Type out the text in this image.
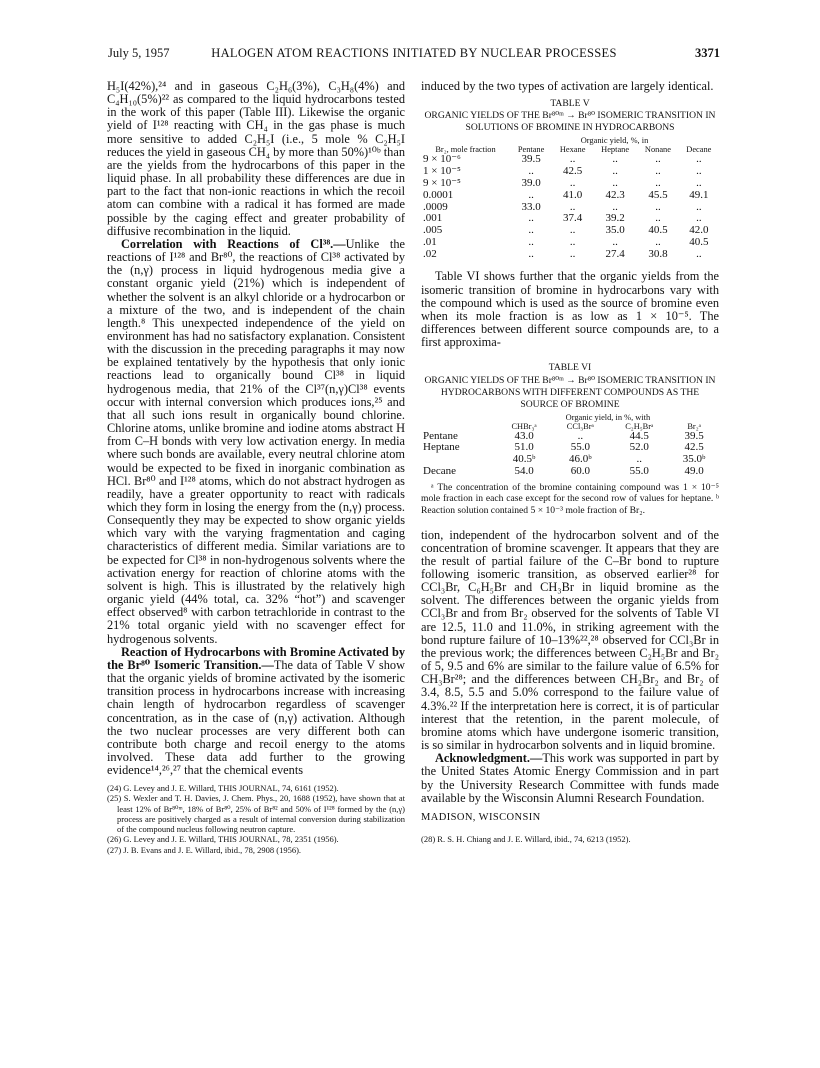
July 5, 1957	HALOGEN ATOM REACTIONS INITIATED BY NUCLEAR PROCESSES	3371

H₅I(42%),²⁴ and in gaseous C₂H₆(3%), C₃H₈(4%) and C₄H₁₀(5%)²² as compared to the liquid hydrocarbons tested in the work of this paper (Table III). Likewise the organic yield of I¹²⁸ reacting with CH₄ in the gas phase is much more sensitive to added C₂H₅I (i.e., 5 mole % C₂H₅I reduces the yield in gaseous CH₄ by more than 50%)¹⁰ᵇ than are the yields from the hydrocarbons of this paper in the liquid phase. In all probability these differences are due in part to the fact that non-ionic reactions in which the recoil atom can combine with a radical it has formed are made possible by the caging effect and greater probability of diffusive recombination in the liquid.

Correlation with Reactions of Cl³⁸.—Unlike the reactions of I¹²⁸ and Br⁸⁰, the reactions of Cl³⁸ activated by the (n,γ) process in liquid hydrogenous media give a constant organic yield (21%) which is independent of whether the solvent is an alkyl chloride or a hydrocarbon or a mixture of the two, and is independent of the chain length.⁸ This unexpected independence of the yield on environment has had no satisfactory explanation. Consistent with the discussion in the preceding paragraphs it may now be explained tentatively by the hypothesis that only ionic reactions lead to organically bound Cl³⁸ in liquid hydrogenous media, that 21% of the Cl³⁷(n,γ)Cl³⁸ events occur with internal conversion which produces ions,²⁵ and that all such ions result in organically bound chlorine. Chlorine atoms, unlike bromine and iodine atoms abstract H from C–H bonds with very low activation energy. In media where such bonds are available, every neutral chlorine atom would be expected to be fixed in inorganic combination as HCl. Br⁸⁰ and I¹²⁸ atoms, which do not abstract hydrogen as readily, have a greater opportunity to react with radicals which they form in losing the energy from the (n,γ) process. Consequently they may be expected to show organic yields which vary with the varying fragmentation and caging characteristics of different media. Similar variations are to be expected for Cl³⁸ in non-hydrogenous solvents where the activation energy for reaction of chlorine atoms with the solvent is high. This is illustrated by the relatively high organic yield (44% total, ca. 32% “hot”) and scavenger effect observed⁸ with carbon tetrachloride in contrast to the 21% total organic yield with no scavenger effect for hydrogenous solvents.

Reaction of Hydrocarbons with Bromine Activated by the Br⁸⁰ Isomeric Transition.—The data of Table V show that the organic yields of bromine activated by the isomeric transition process in hydrocarbons increase with increasing chain length of hydrocarbon regardless of scavenger concentration, as in the case of (n,γ) activation. Although the two nuclear processes are very different both can contribute both charge and recoil energy to the atoms involved. These data add further to the growing evidence¹⁴,²⁶,²⁷ that the chemical events

(24) G. Levey and J. E. Willard, THIS JOURNAL, 74, 6161 (1952).
(25) S. Wexler and T. H. Davies, J. Chem. Phys., 20, 1688 (1952), have shown that at least 12% of Br⁸⁰ᵐ, 18% of Br⁸⁰, 25% of Br⁸² and 50% of I¹²⁸ formed by the (n,γ) process are positively charged as a result of internal conversion during stabilization of the compound nucleus following neutron capture.
(26) G. Levey and J. E. Willard, THIS JOURNAL, 78, 2351 (1956).
(27) J. B. Evans and J. E. Willard, ibid., 78, 2908 (1956).

induced by the two types of activation are largely identical.

TABLE V
ORGANIC YIELDS OF THE Br⁸⁰ᵐ → Br⁸⁰ ISOMERIC TRANSITION IN SOLUTIONS OF BROMINE IN HYDROCARBONS
	Organic yield, %, in				
Br₂, mole fraction	Pentane	Hexane	Heptane	Nonane	Decane
9 × 10⁻⁶	39.5	..	..	..	..
1 × 10⁻⁵	..	42.5	..	..	..
9 × 10⁻⁵	39.0	..	..	..	..
0.0001	..	41.0	42.3	45.5	49.1
.0009	33.0	..	..	..	..
.001	..	37.4	39.2	..	..
.005	..	..	35.0	40.5	42.0
.01	..	..	..	..	40.5
.02	..	..	27.4	30.8	..

Table VI shows further that the organic yields from the isomeric transition of bromine in hydrocarbons vary with the compound which is used as the source of bromine even when its mole fraction is as low as 1 × 10⁻⁵. The differences between different source compounds are, to a first approxima-

TABLE VI
ORGANIC YIELDS OF THE Br⁸⁰ᵐ → Br⁸⁰ ISOMERIC TRANSITION IN HYDROCARBONS WITH DIFFERENT COMPOUNDS AS THE SOURCE OF BROMINE
	Organic yield, in %, with			
	CHBr₃ᵃ	CCl₃Brᵃ	C₂H₅Brᵃ	Br₂ᵃ
Pentane	43.0	..	44.5	39.5
Heptane	51.0	55.0	52.0	42.5
	40.5ᵇ	46.0ᵇ	..	35.0ᵇ
Decane	54.0	60.0	55.0	49.0
ᵃ The concentration of the bromine containing compound was 1 × 10⁻⁵ mole fraction in each case except for the second row of values for heptane. ᵇ Reaction solution contained 5 × 10⁻³ mole fraction of Br₂.

tion, independent of the hydrocarbon solvent and of the concentration of bromine scavenger. It appears that they are the result of partial failure of the C–Br bond to rupture following isomeric transition, as observed earlier²⁸ for CCl₃Br, C₆H₅Br and CH₃Br in liquid bromine as the solvent. The differences between the organic yields from CCl₃Br and from Br₂ observed for the solvents of Table VI are 12.5, 11.0 and 11.0%, in striking agreement with the bond rupture failure of 10–13%²²,²⁸ observed for CCl₃Br in the previous work; the differences between C₂H₅Br and Br₂ of 5, 9.5 and 6% are similar to the failure value of 6.5% for CH₃Br²⁸; and the differences between CH₂Br₂ and Br₂ of 3.4, 8.5, 5.5 and 5.0% correspond to the failure value of 4.3%.²² If the interpretation here is correct, it is of particular interest that the retention, in the parent molecule, of bromine atoms which have undergone isomeric transition, is so similar in hydrocarbon solvents and in liquid bromine.

Acknowledgment.—This work was supported in part by the United States Atomic Energy Commission and in part by the University Research Committee with funds made available by the Wisconsin Alumni Research Foundation.

MADISON, WISCONSIN
(28) R. S. H. Chiang and J. E. Willard, ibid., 74, 6213 (1952).
